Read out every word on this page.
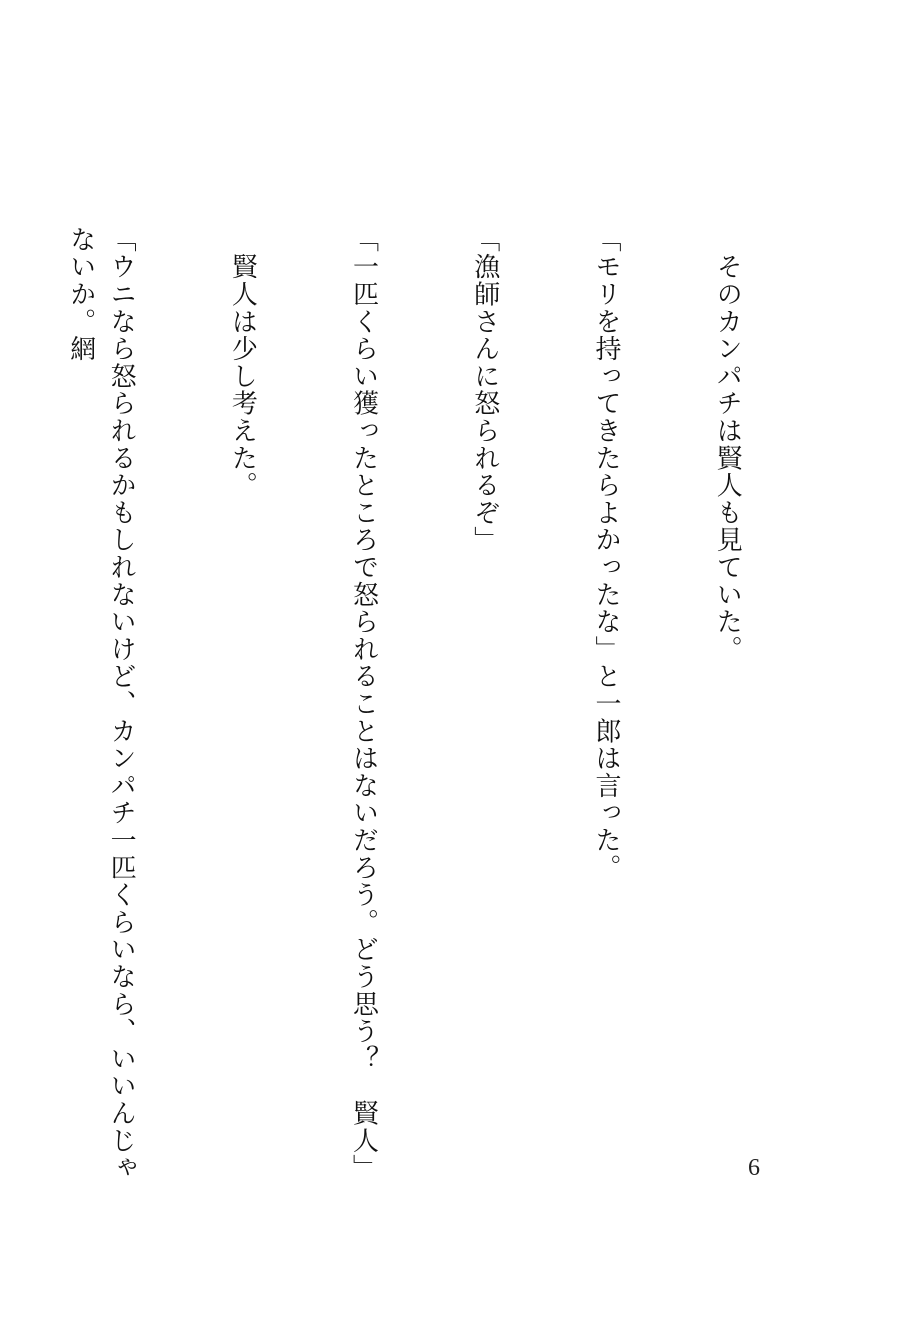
　そのカンパチは賢人も見ていた。

「モリを持ってきたらよかったな」と一郎は言った。

「漁師さんに怒られるぞ」

「一匹くらい獲ったところで怒られることはないだろう。どう思う？　賢人」

　賢人は少し考えた。

「ウニなら怒られるかもしれないけど、カンパチ一匹くらいなら、いいんじゃないか。網

6
